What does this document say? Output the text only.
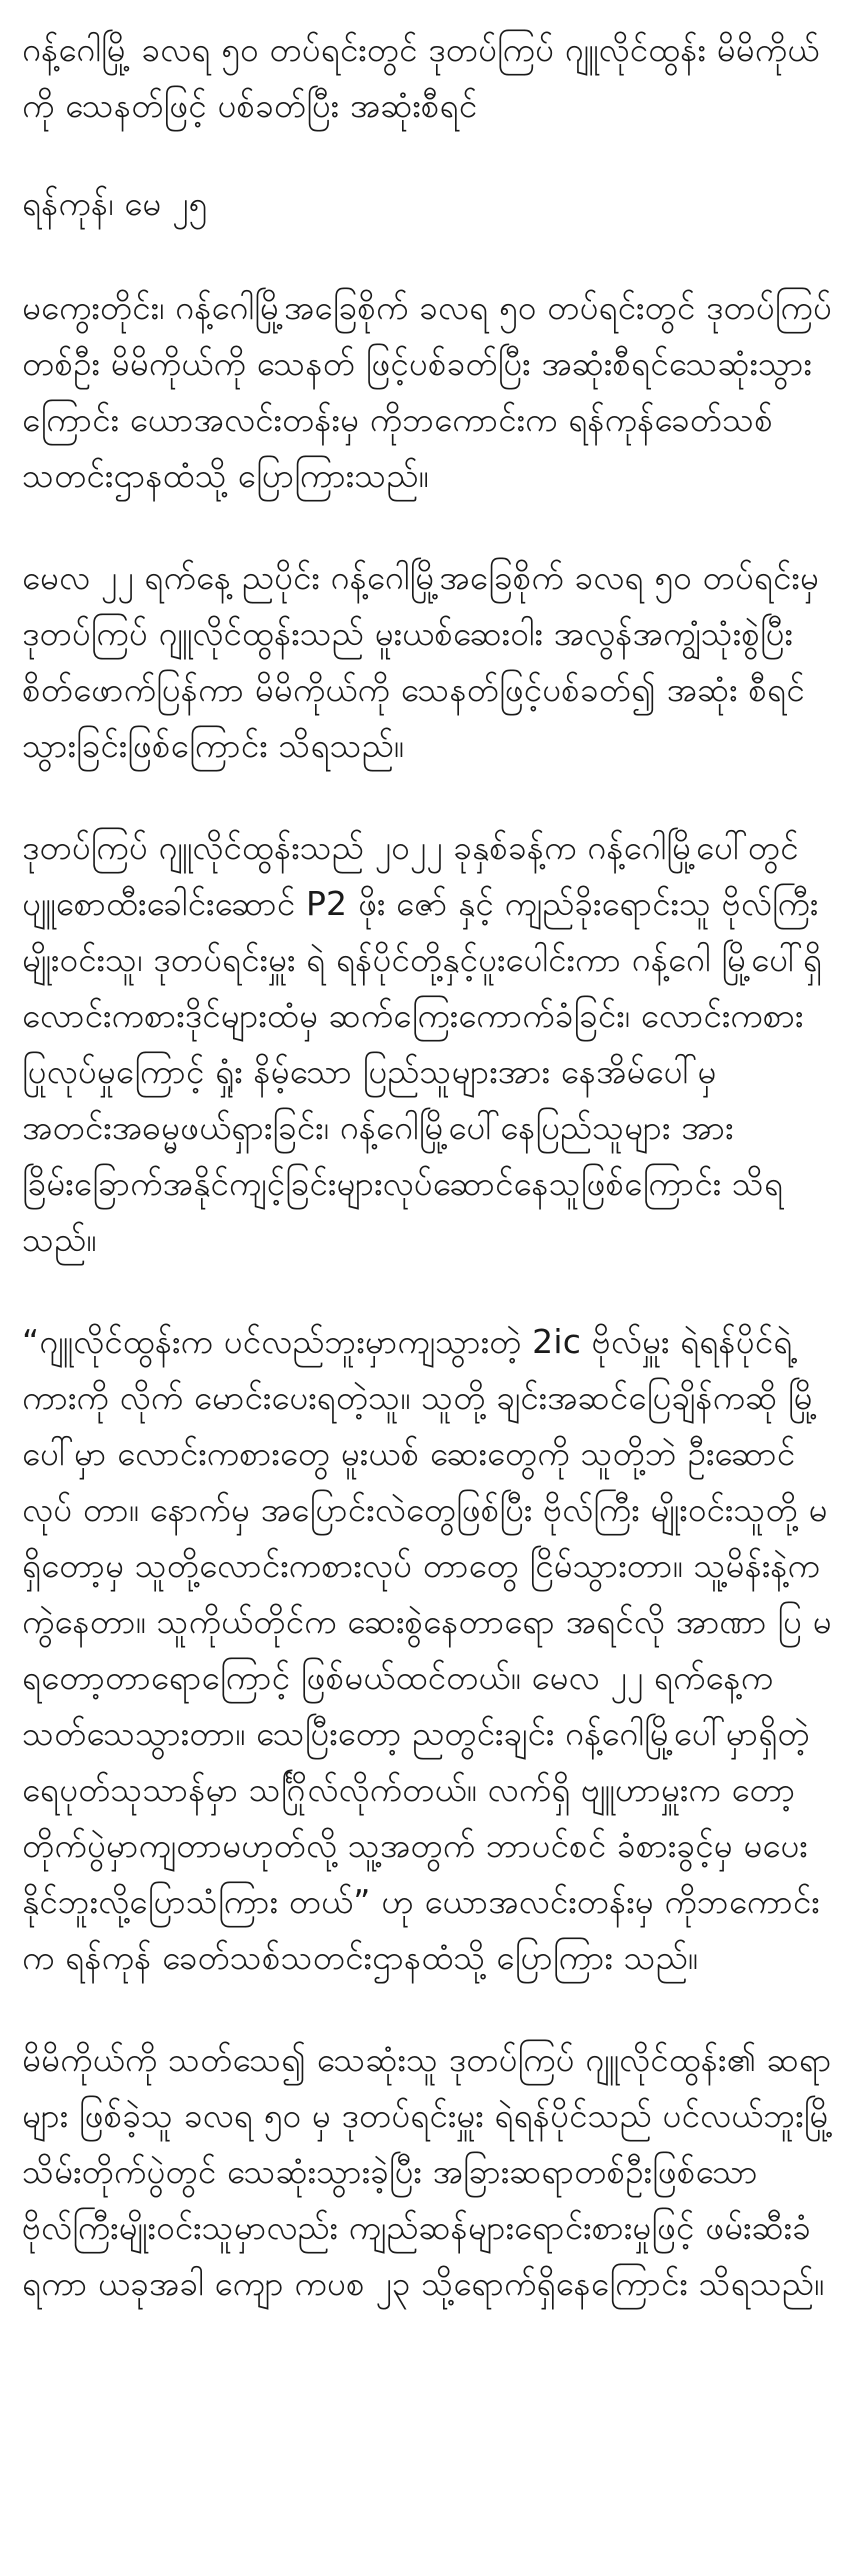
ဂန့်ဂေါမြို့ ခလရ ၅၀ တပ်ရင်းတွင် ဒုတပ်ကြပ် ဂျူလိုင်ထွန်း မိမိကိုယ်ကို သေနတ်ဖြင့် ပစ်ခတ်ပြီး အဆုံးစီရင်

ရန်ကုန်၊ မေ ၂၅

မကွေးတိုင်း၊ ဂန့်ဂေါမြို့အခြေစိုက် ခလရ ၅၀ တပ်ရင်းတွင် ဒုတပ်ကြပ်တစ်ဦး မိမိကိုယ်ကို သေနတ် ဖြင့်ပစ်ခတ်ပြီး အဆုံးစီရင်သေဆုံးသွားကြောင်း ယောအလင်းတန်းမှ ကိုဘကောင်းက ရန်ကုန်ခေတ်သစ် သတင်းဌာနထံသို့ ပြောကြားသည်။

မေလ ၂၂ ရက်နေ့ ညပိုင်း ဂန့်ဂေါမြို့အခြေစိုက် ခလရ ၅၀ တပ်ရင်းမှ ဒုတပ်ကြပ် ဂျူလိုင်ထွန်းသည် မူးယစ်ဆေးဝါး အလွန်အကျွံသုံးစွဲပြီး စိတ်ဖောက်ပြန်ကာ မိမိကိုယ်ကို သေနတ်ဖြင့်ပစ်ခတ်၍ အဆုံး စီရင်သွားခြင်းဖြစ်ကြောင်း သိရသည်။

ဒုတပ်ကြပ် ဂျူလိုင်ထွန်းသည် ၂၀၂၂ ခုနှစ်ခန့်က ဂန့်ဂေါမြို့ပေါ်တွင် ပျူစောထီးခေါင်းဆောင် P2 ဖိုး ဇော် နှင့် ကျည်ခိုးရောင်းသူ ဗိုလ်ကြီး မျိုးဝင်းသူ၊ ဒုတပ်ရင်းမှူး ရဲ ရန်ပိုင်တို့နှင့်ပူးပေါင်းကာ ဂန့်ဂေါ မြို့ပေါ်ရှိ လောင်းကစားဒိုင်များထံမှ ဆက်ကြေးကောက်ခံခြင်း၊ လောင်းကစားပြုလုပ်မှုကြောင့် ရှုံး နိမ့်သော ပြည်သူများအား နေအိမ်ပေါ်မှ အတင်းအဓမ္မဖယ်ရှားခြင်း၊ ဂန့်ဂေါမြို့ပေါ်နေပြည်သူများ အား ခြိမ်းခြောက်အနိုင်ကျင့်ခြင်းများလုပ်ဆောင်နေသူဖြစ်ကြောင်း သိရသည်။

“ဂျူလိုင်ထွန်းက ပင်လည်ဘူးမှာကျသွားတဲ့ 2ic ဗိုလ်မှူး ရဲရန်ပိုင်ရဲ့ ကားကို လိုက် မောင်းပေးရတဲ့သူ။ သူတို့ ချင်းအဆင်ပြေချိန်ကဆို မြို့ပေါ်မှာ လောင်းကစားတွေ မူးယစ် ဆေးတွေကို သူတို့ဘဲ ဦးဆောင်လုပ် တာ။ နောက်မှ အပြောင်းလဲတွေဖြစ်ပြီး ဗိုလ်ကြီး မျိုးဝင်းသူတို့ မရှိတော့မှ သူတို့လောင်းကစားလုပ် တာတွေ ငြိမ်သွားတာ။ သူ့မိန်းနဲ့ကကွဲနေတာ။ သူကိုယ်တိုင်က ဆေးစွဲနေတာရော အရင်လို အာဏာ ပြ မရတော့တာရောကြောင့် ဖြစ်မယ်ထင်တယ်။ မေလ ၂၂ ရက်နေ့က သတ်သေသွားတာ။ သေပြီးတော့ ညတွင်းချင်း ဂန့်ဂေါမြို့ပေါ်မှာရှိတဲ့ ရေပုတ်သုသာန်မှာ သင်္ဂြိုလ်လိုက်တယ်။ လက်ရှိ ဗျူဟာမှူးက တော့ တိုက်ပွဲမှာကျတာမဟုတ်လို့ သူ့အတွက် ဘာပင်စင် ခံစားခွင့်မှ မပေးနိုင်ဘူးလို့ပြောသံကြား တယ်” ဟု ယောအလင်းတန်းမှ ကိုဘကောင်းက ရန်ကုန် ခေတ်သစ်သတင်းဌာနထံသို့ ပြောကြား သည်။

မိမိကိုယ်ကို သတ်သေ၍ သေဆုံးသူ ဒုတပ်ကြပ် ဂျူလိုင်ထွန်း၏ ဆရာများ ဖြစ်ခဲ့သူ ခလရ ၅၀ မှ ဒုတပ်ရင်းမှူး ရဲရန်ပိုင်သည် ပင်လယ်ဘူးမြို့ သိမ်းတိုက်ပွဲတွင် သေဆုံးသွားခဲ့ပြီး အခြားဆရာတစ်ဦးဖြစ်သော ဗိုလ်ကြီးမျိုးဝင်းသူမှာလည်း ကျည်ဆန်များရောင်းစားမှုဖြင့် ဖမ်းဆီးခံရကာ ယခုအခါ ကျော ကပစ ၂၃ သို့ရောက်ရှိနေကြောင်း သိရသည်။
